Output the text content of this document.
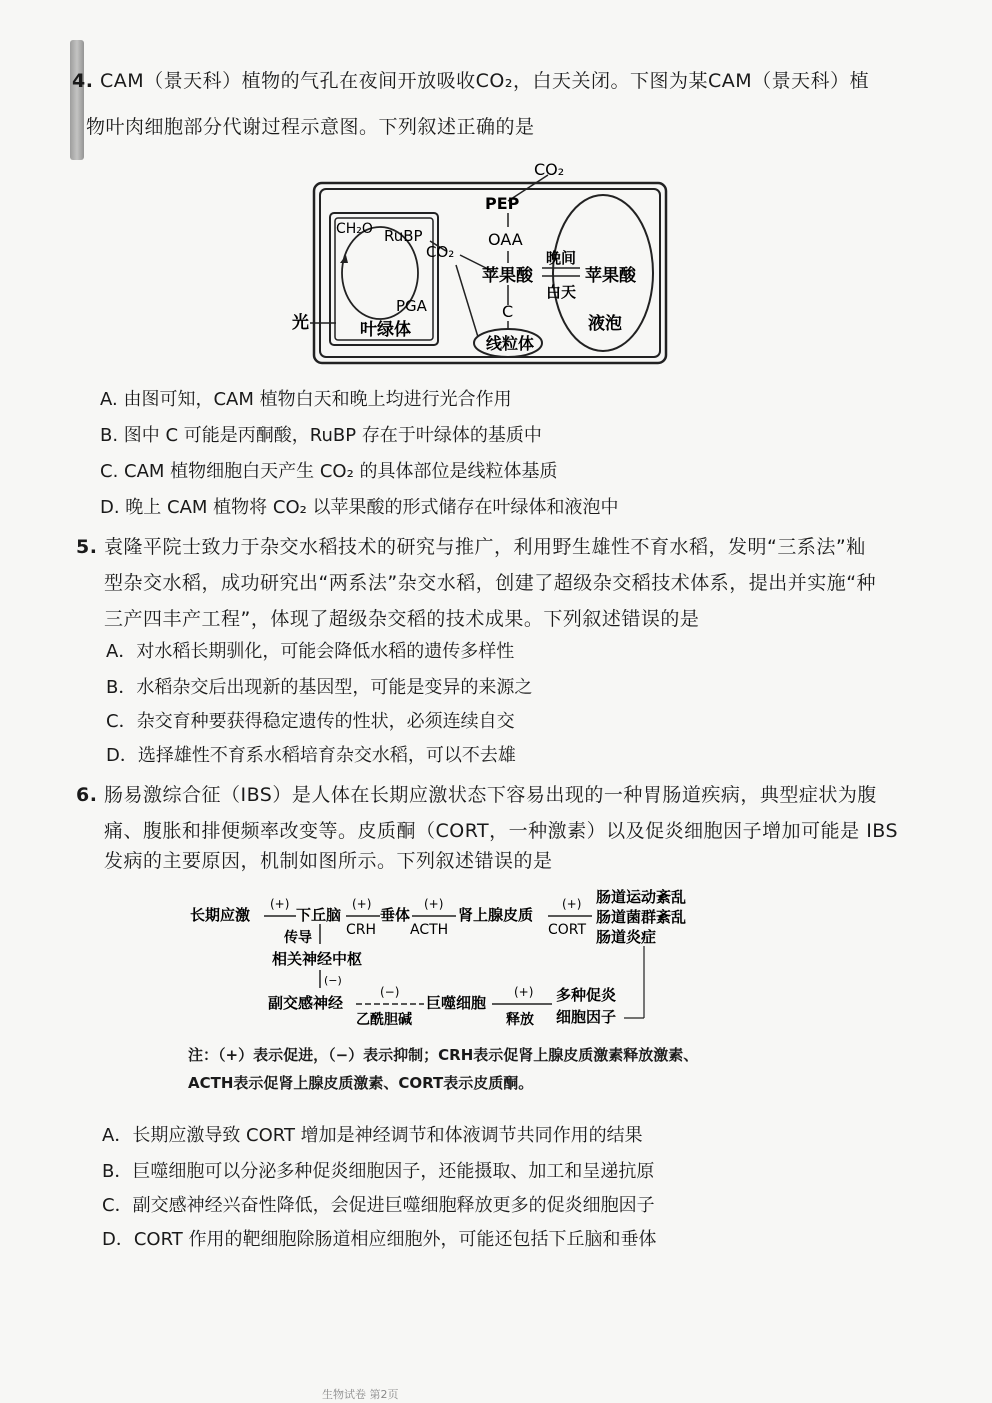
4. CAM（景天科）植物的气孔在夜间开放吸收CO₂，白天关闭。下图为某CAM（景天科）植
物叶肉细胞部分代谢过程示意图。下列叙述正确的是
CO₂
PEP
OAA
苹果酸	苹果酸
晚间
白天
C
线粒体
液泡
叶绿体
CH₂O RuBP
PGA
CO₂
光
A. 由图可知，CAM 植物白天和晚上均进行光合作用
B. 图中 C 可能是丙酮酸，RuBP 存在于叶绿体的基质中
C. CAM 植物细胞白天产生 CO₂ 的具体部位是线粒体基质
D. 晚上 CAM 植物将 CO₂ 以苹果酸的形式储存在叶绿体和液泡中
5. 袁隆平院士致力于杂交水稻技术的研究与推广，利用野生雄性不育水稻，发明“三系法”籼
型杂交水稻，成功研究出“两系法”杂交水稻，创建了超级杂交稻技术体系，提出并实施“种
三产四丰产工程”，体现了超级杂交稻的技术成果。下列叙述错误的是
A．对水稻长期驯化，可能会降低水稻的遗传多样性
B．水稻杂交后出现新的基因型，可能是变异的来源之
C．杂交育种要获得稳定遗传的性状，必须连续自交
D．选择雄性不育系水稻培育杂交水稻，可以不去雄
6. 肠易激综合征（IBS）是人体在长期应激状态下容易出现的一种胃肠道疾病，典型症状为腹
痛、腹胀和排便频率改变等。皮质酮（CORT，一种激素）以及促炎细胞因子增加可能是 IBS
发病的主要原因，机制如图所示。下列叙述错误的是
长期应激
(+)
下丘脑
(+)
CRH
垂体
(+)
ACTH
肾上腺皮质
(+)
CORT
肠道运动紊乱
肠道菌群紊乱
肠道炎症
传导
相关神经中枢
(−)
副交感神经
(−)
乙酰胆碱
巨噬细胞
(+)
释放
多种促炎
细胞因子
注：（+）表示促进，（−）表示抑制；CRH表示促肾上腺皮质激素释放激素、
ACTH表示促肾上腺皮质激素、CORT表示皮质酮。
A．长期应激导致 CORT 增加是神经调节和体液调节共同作用的结果
B．巨噬细胞可以分泌多种促炎细胞因子，还能摄取、加工和呈递抗原
C．副交感神经兴奋性降低，会促进巨噬细胞释放更多的促炎细胞因子
D．CORT 作用的靶细胞除肠道相应细胞外，可能还包括下丘脑和垂体
生物试卷 第2页
